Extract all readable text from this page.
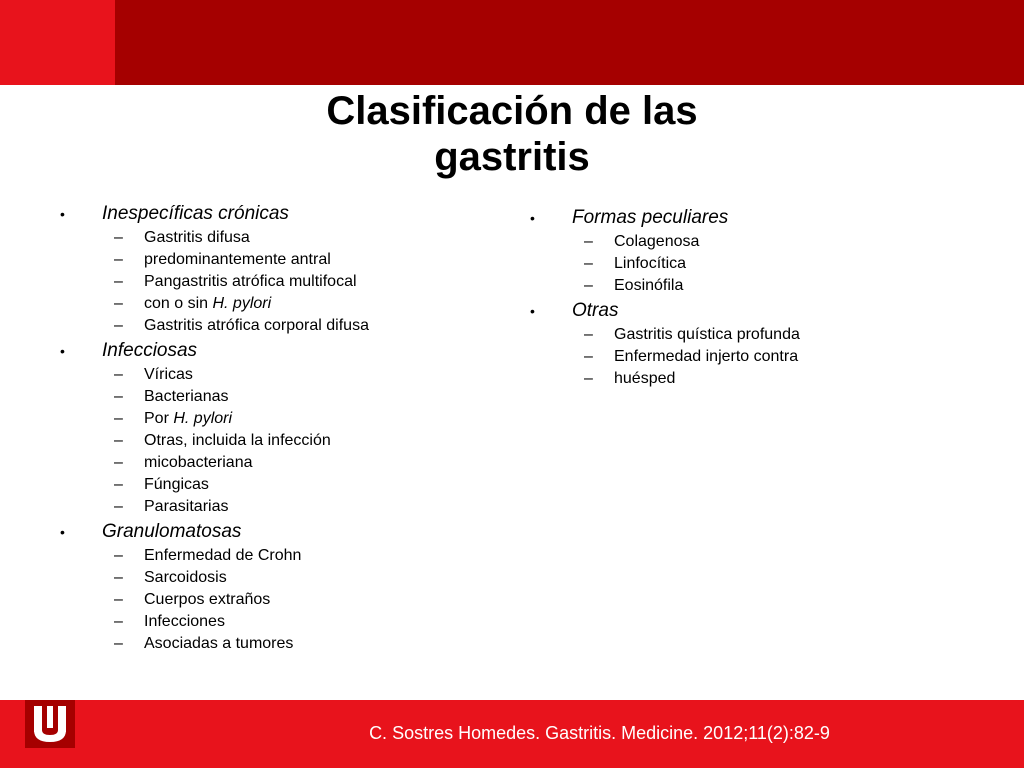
Clasificación de las
gastritis
•	Inespecíficas crónicas
–	Gastritis difusa
–	predominantemente antral
–	Pangastritis atrófica multifocal
–	con o sin H. pylori
–	Gastritis atrófica corporal difusa
•	Infecciosas
–	Víricas
–	Bacterianas
–	Por H. pylori
–	Otras, incluida la infección
–	micobacteriana
–	Fúngicas
–	Parasitarias
•	Granulomatosas
–	Enfermedad de Crohn
–	Sarcoidosis
–	Cuerpos extraños
–	Infecciones
–	Asociadas a tumores
•	Formas peculiares
–	Colagenosa
–	Linfocítica
–	Eosinófila
•	Otras
–	Gastritis quística profunda
–	Enfermedad injerto contra
–	huésped
C. Sostres Homedes. Gastritis. Medicine. 2012;11(2):82-9
